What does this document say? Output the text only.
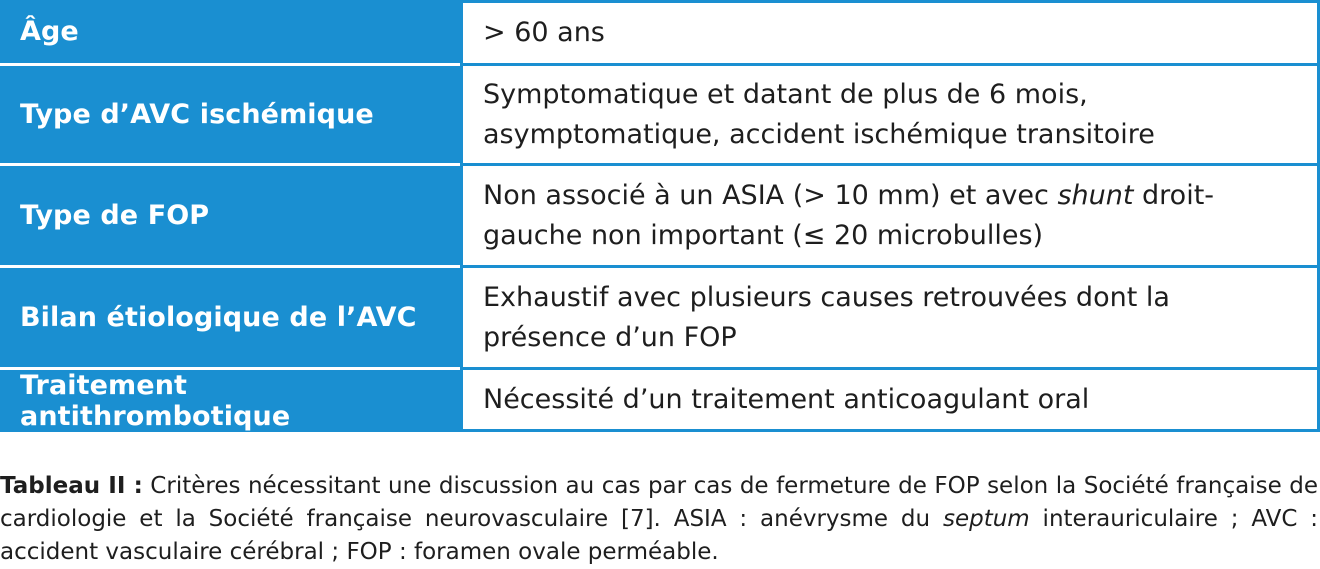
Âge	> 60 ans
Type d’AVC ischémique	Symptomatique et datant de plus de 6 mois,
asymptomatique, accident ischémique transitoire
Type de FOP	Non associé à un ASIA (> 10 mm) et avec shunt droit-
gauche non important (≤ 20 microbulles)
Bilan étiologique de l’AVC	Exhaustif avec plusieurs causes retrouvées dont la
présence d’un FOP
Traitement antithrombotique	Nécessité d’un traitement anticoagulant oral
Tableau II : Critères nécessitant une discussion au cas par cas de fermeture de FOP selon la Société française de cardiologie et la Société française neurovasculaire [7]. ASIA : anévrysme du septum interauriculaire ; AVC : accident vasculaire cérébral ; FOP : foramen ovale perméable.
